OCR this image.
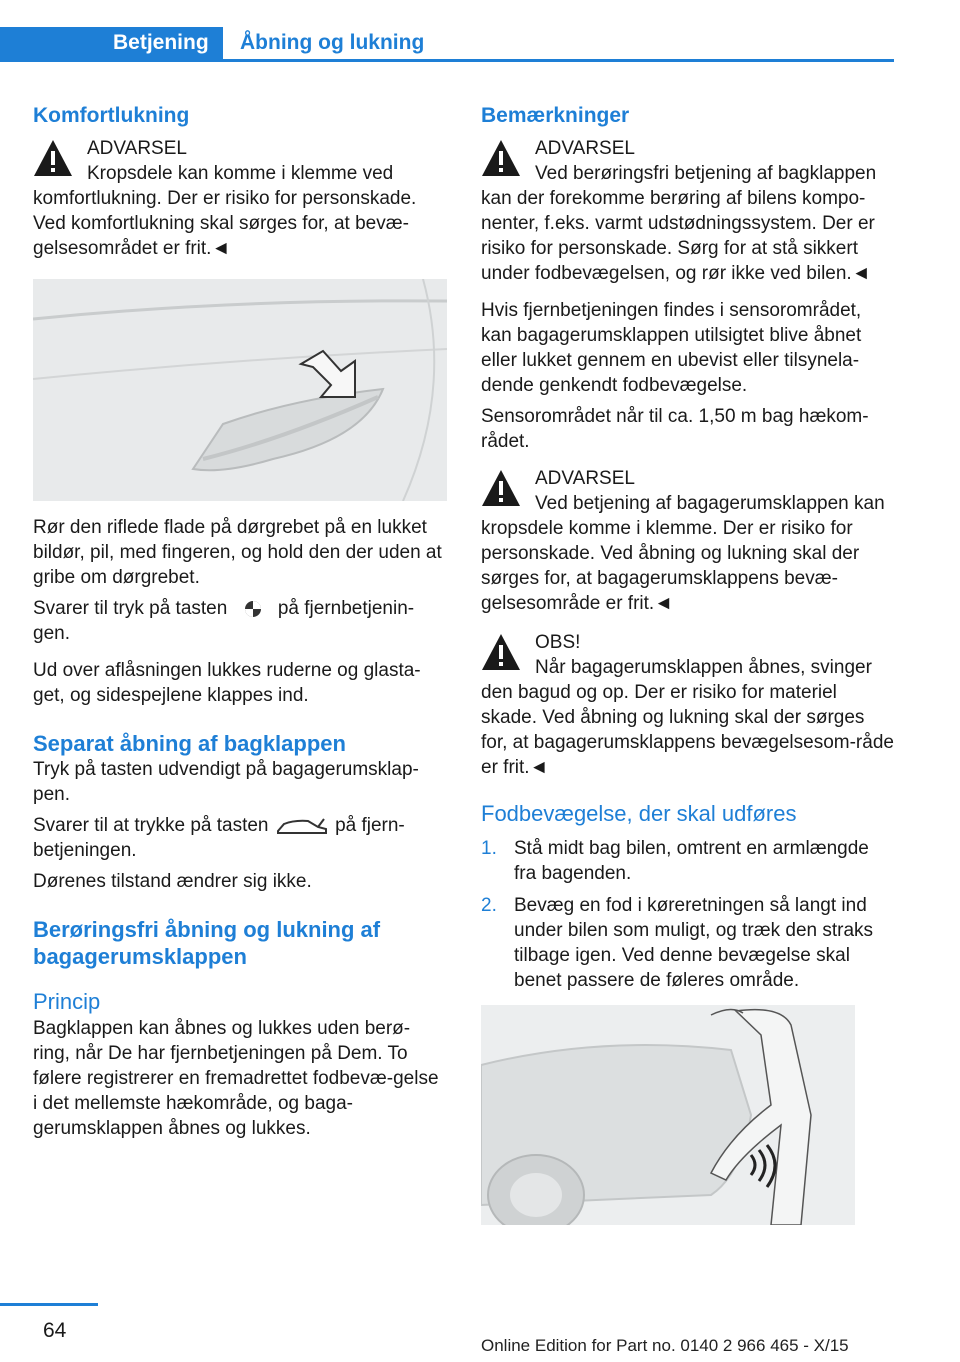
Betjening	Åbning og lukning
Komfortlukning
ADVARSEL
Kropsdele kan komme i klemme ved komfortlukning. Der er risiko for personskade. Ved komfortlukning skal sørges for, at bevæ‐gelsesområdet er frit.◄

Rør den riflede flade på dørgrebet på en lukket bildør, pil, med fingeren, og hold den der uden at gribe om dørgrebet.

Svarer til tryk på tasten	på fjernbetjenin‐gen.

Ud over aflåsningen lukkes ruderne og glasta‐get, og sidespejlene klappes ind.

Separat åbning af bagklappen

Tryk på tasten udvendigt på bagagerumsklap‐pen.

Svarer til at trykke på tasten	på fjern‐betjeningen.

Dørenes tilstand ændrer sig ikke.

Berøringsfri åbning og lukning af bagagerumsklappen
Princip

Bagklappen kan åbnes og lukkes uden berø‐ring, når De har fjernbetjeningen på Dem. To følere registrerer en fremadrettet fodbevæ‐gelse i det mellemste hækområde, og baga‐gerumsklappen åbnes og lukkes.

Bemærkninger
ADVARSEL
Ved berøringsfri betjening af bagklappen kan der forekomme berøring af bilens kompo‐nenter, f.eks. varmt udstødningssystem. Der er risiko for personskade. Sørg for at stå sikkert under fodbevægelsen, og rør ikke ved bilen.◄

Hvis fjernbetjeningen findes i sensorområdet, kan bagagerumsklappen utilsigtet blive åbnet eller lukket gennem en ubevist eller tilsynela‐dende genkendt fodbevægelse.

Sensorområdet når til ca. 1,50 m bag hækom‐rådet.

ADVARSEL
Ved betjening af bagagerumsklappen kan kropsdele komme i klemme. Der er risiko for personskade. Ved åbning og lukning skal der sørges for, at bagagerumsklappens bevæ‐gelsesområde er frit.◄
OBS!
Når bagagerumsklappen åbnes, svinger den bagud og op. Der er risiko for materiel skade. Ved åbning og lukning skal der sørges for, at bagagerumsklappens bevægelsesom‐råde er frit.◄
Fodbevægelse, der skal udføres
1. Stå midt bag bilen, omtrent en armlængde fra bagenden.
2. Bevæg en fod i køreretningen så langt ind under bilen som muligt, og træk den straks tilbage igen. Ved denne bevægelse skal benet passere de føleres område.
64
Online Edition for Part no. 0140 2 966 465 - X/15
